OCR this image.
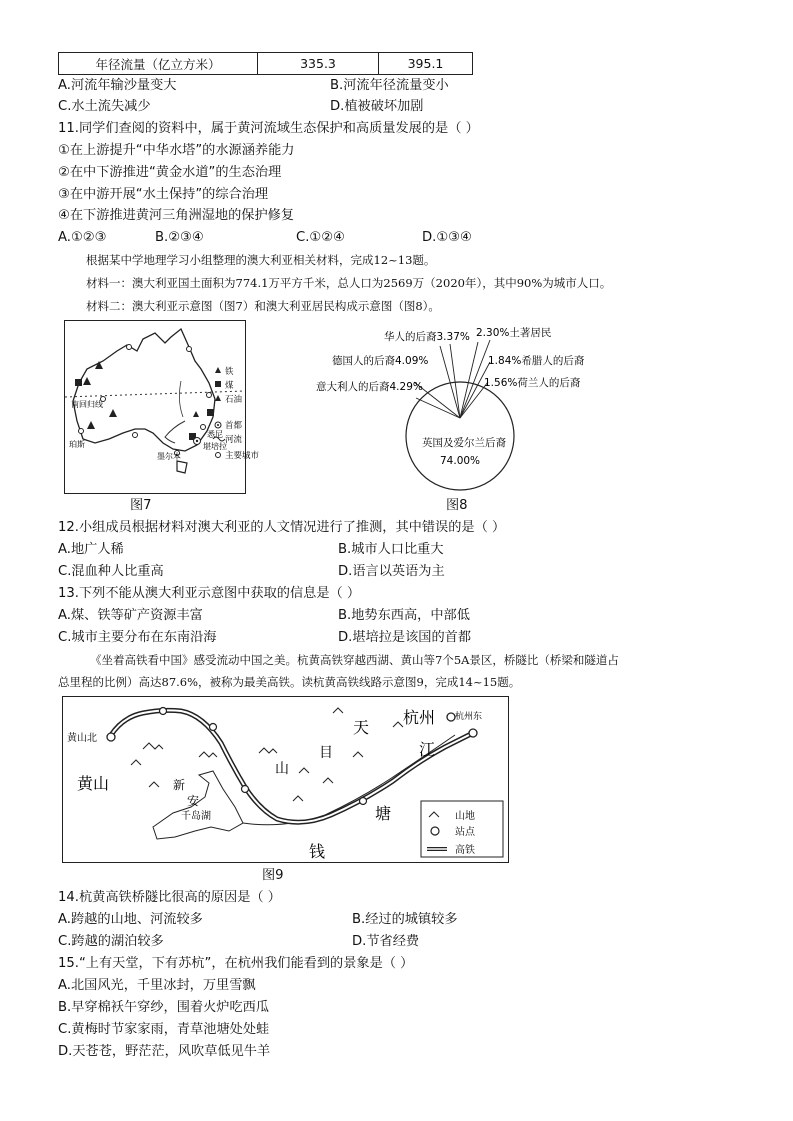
年径流量（亿立方米）	335.3	395.1
A.河流年输沙量变大	B.河流年径流量变小
C.水土流失减少	D.植被破坏加剧
11.同学们查阅的资料中，属于黄河流域生态保护和高质量发展的是（ ）
①在上游提升“中华水塔”的水源涵养能力
②在中下游推进“黄金水道”的生态治理
③在中游开展“水土保持”的综合治理
④在下游推进黄河三角洲湿地的保护修复
A.①②③	B.②③④	C.①②④	D.①③④
根据某中学地理学习小组整理的澳大利亚相关材料，完成12~13题。
材料一：澳大利亚国土面积为774.1万平方千米，总人口为2569万（2020年），其中90%为城市人口。
材料二：澳大利亚示意图（图7）和澳大利亚居民构成示意图（图8）。
南回归线
珀斯
墨尔本
悉尼
堪培拉
铁
煤
石油
首都
河流
主要城市
图7
华人的后裔3.37% 2.30%土著居民
德国人的后裔4.09%	1.84%希腊人的后裔
意大利人的后裔4.29%	1.56%荷兰人的后裔
英国及爱尔兰后裔
74.00%
图8
12.小组成员根据材料对澳大利亚的人文情况进行了推测，其中错误的是（ ）
A.地广人稀	B.城市人口比重大
C.混血种人比重高	D.语言以英语为主
13.下列不能从澳大利亚示意图中获取的信息是（ ）
A.煤、铁等矿产资源丰富	B.地势东西高，中部低
C.城市主要分布在东南沿海	D.堪培拉是该国的首都
《坐着高铁看中国》感受流动中国之美。杭黄高铁穿越西湖、黄山等7个5A景区，桥隧比（桥梁和隧道占
总里程的比例）高达87.6%，被称为最美高铁。读杭黄高铁线路示意图9，完成14~15题。
黄山北
黄山
杭州 杭州东
千岛湖
天
目
山
江
塘
钱
新
安
山地
站点
高铁
图9
14.杭黄高铁桥隧比很高的原因是（ ）
A.跨越的山地、河流较多	B.经过的城镇较多
C.跨越的湖泊较多	D.节省经费
15.“上有天堂，下有苏杭”，在杭州我们能看到的景象是（ ）
A.北国风光，千里冰封，万里雪飘
B.早穿棉袄午穿纱，围着火炉吃西瓜
C.黄梅时节家家雨，青草池塘处处蛙
D.天苍苍，野茫茫，风吹草低见牛羊
